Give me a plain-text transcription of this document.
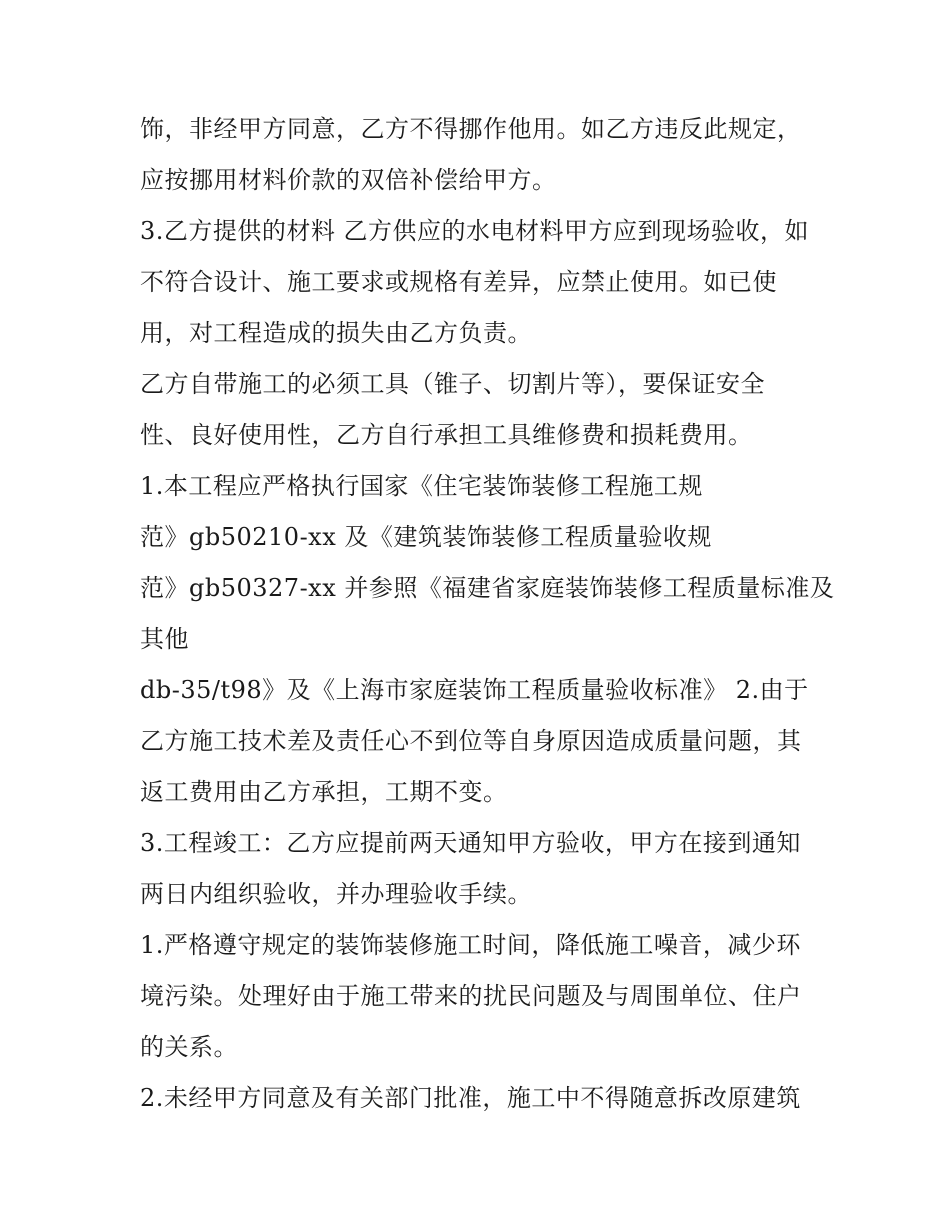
饰，非经甲方同意，乙方不得挪作他用。如乙方违反此规定，

应按挪用材料价款的双倍补偿给甲方。

3.乙方提供的材料 乙方供应的水电材料甲方应到现场验收，如

不符合设计、施工要求或规格有差异，应禁止使用。如已使

用，对工程造成的损失由乙方负责。

乙方自带施工的必须工具（锥子、切割片等），要保证安全

性、良好使用性，乙方自行承担工具维修费和损耗费用。

1.本工程应严格执行国家《住宅装饰装修工程施工规

范》gb50210-xx 及《建筑装饰装修工程质量验收规

范》gb50327-xx 并参照《福建省家庭装饰装修工程质量标准及

其他

db-35/t98》及《上海市家庭装饰工程质量验收标准》 2.由于

乙方施工技术差及责任心不到位等自身原因造成质量问题，其

返工费用由乙方承担，工期不变。

3.工程竣工：乙方应提前两天通知甲方验收，甲方在接到通知

两日内组织验收，并办理验收手续。

1.严格遵守规定的装饰装修施工时间，降低施工噪音，减少环

境污染。处理好由于施工带来的扰民问题及与周围单位、住户

的关系。

2.未经甲方同意及有关部门批准，施工中不得随意拆改原建筑
